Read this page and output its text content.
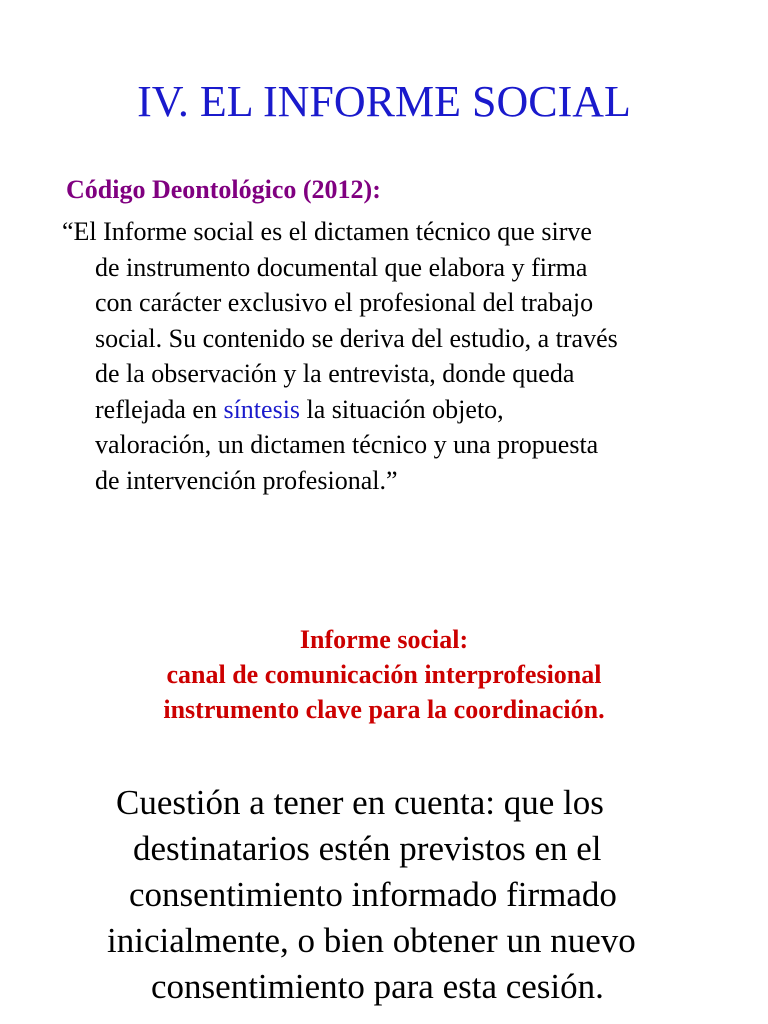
IV. EL INFORME SOCIAL
Código Deontológico (2012):
“El Informe social es el dictamen técnico que sirve
de instrumento documental que elabora y firma
con carácter exclusivo el profesional del trabajo
social. Su contenido se deriva del estudio, a través
de la observación y la entrevista, donde queda
reflejada en síntesis la situación objeto,
valoración, un dictamen técnico y una propuesta
de intervención profesional.”
Informe social:
canal de comunicación interprofesional
instrumento clave para la coordinación.
Cuestión a tener en cuenta: que los
destinatarios estén previstos en el
consentimiento informado firmado
inicialmente, o bien obtener un nuevo
consentimiento para esta cesión.
